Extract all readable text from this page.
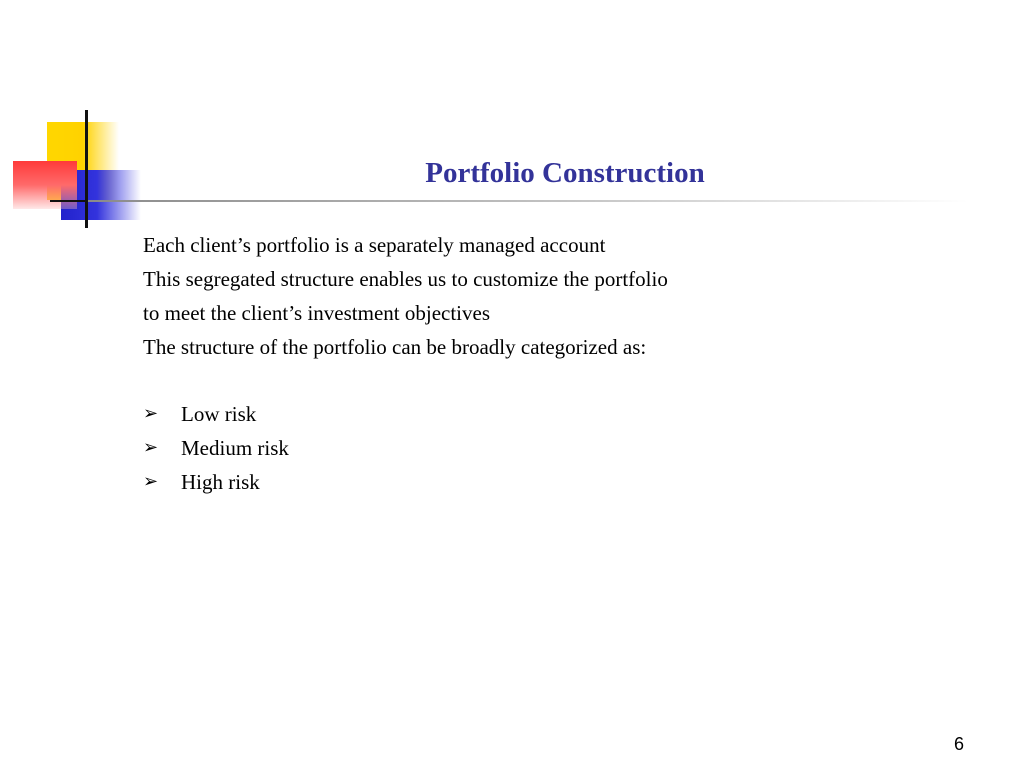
Portfolio Construction

Each client’s portfolio is a separately managed account

This segregated structure enables us to customize the portfolio

to meet the client’s investment objectives

The structure of the portfolio can be broadly categorized as:

➢	Low risk
➢	Medium risk
➢	High risk
6
